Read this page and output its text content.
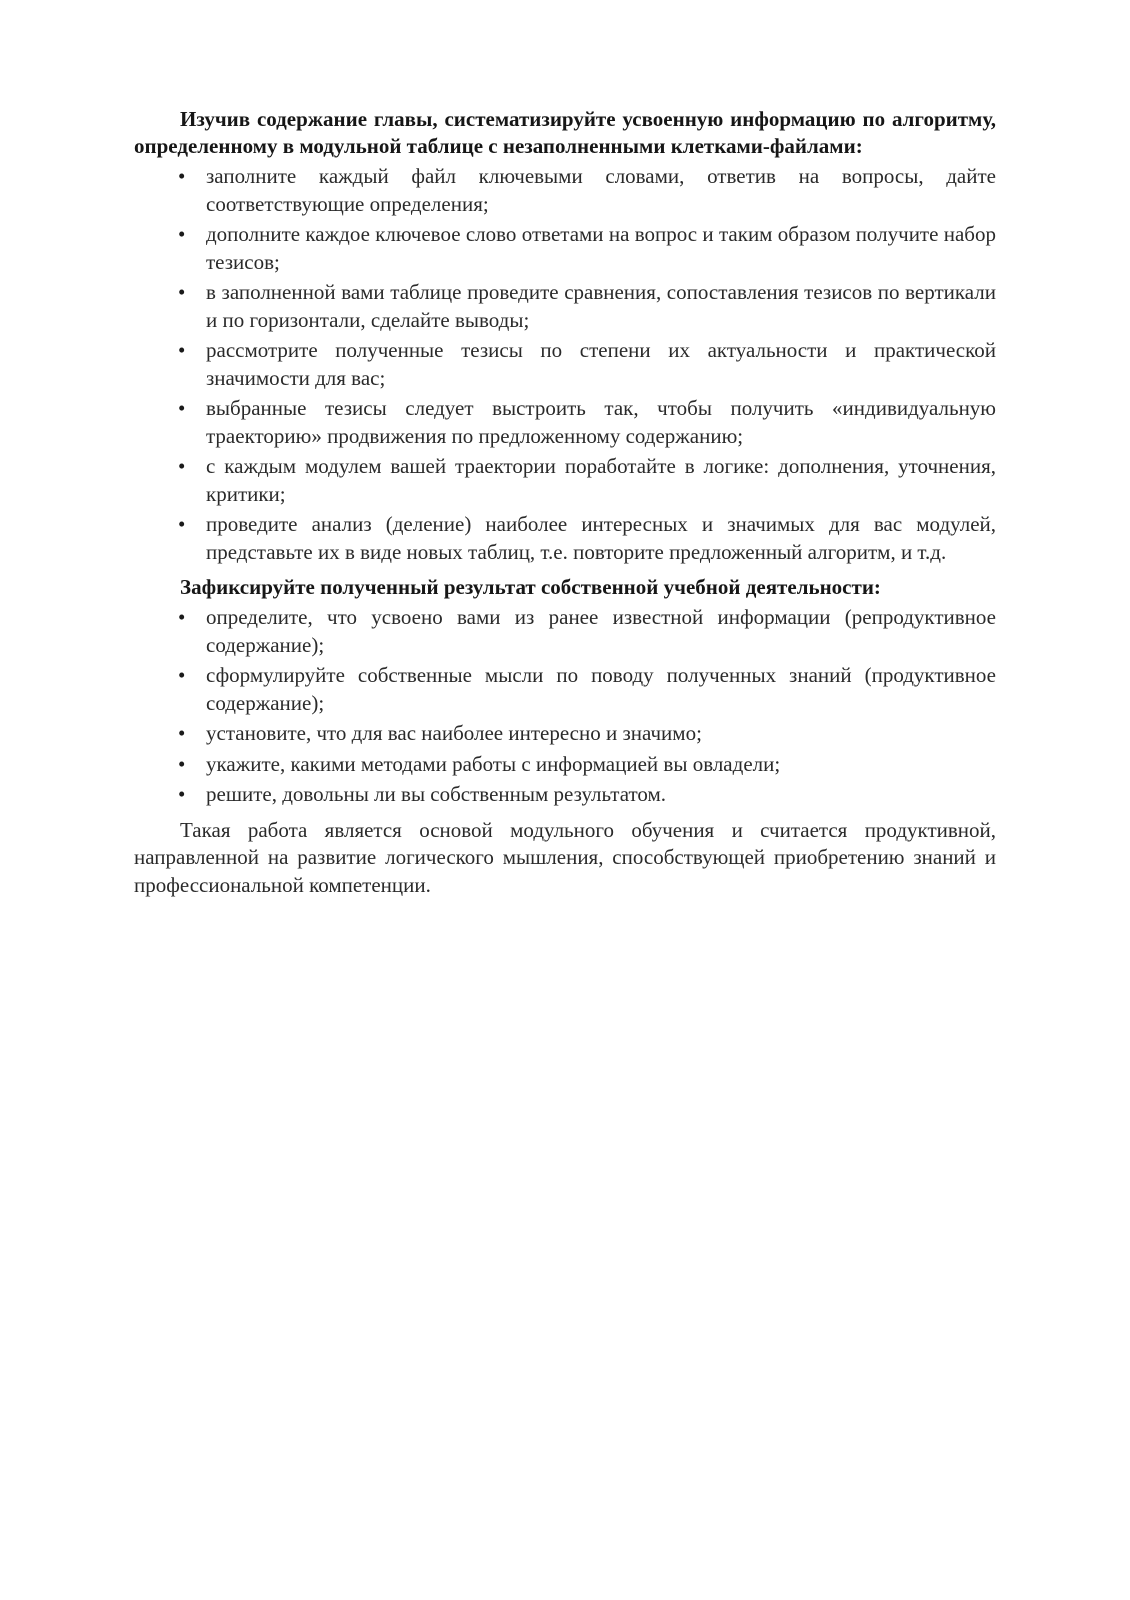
Изучив содержание главы, систематизируйте усвоенную информацию по алгоритму, определенному в модульной таблице с незаполненными клетками-файлами:

• заполните каждый файл ключевыми словами, ответив на вопросы, дайте соответствующие определения;
• дополните каждое ключевое слово ответами на вопрос и таким образом получите набор тезисов;
• в заполненной вами таблице проведите сравнения, сопоставления тезисов по вертикали и по горизонтали, сделайте выводы;
• рассмотрите полученные тезисы по степени их актуальности и практической значимости для вас;
• выбранные тезисы следует выстроить так, чтобы получить «индивидуальную траекторию» продвижения по предложенному содержанию;
• с каждым модулем вашей траектории поработайте в логике: дополнения, уточнения, критики;
• проведите анализ (деление) наиболее интересных и значимых для вас модулей, представьте их в виде новых таблиц, т.е. повторите предложенный алгоритм, и т.д.

Зафиксируйте полученный результат собственной учебной деятельности:

• определите, что усвоено вами из ранее известной информации (репродуктивное содержание);
• сформулируйте собственные мысли по поводу полученных знаний (продуктивное содержание);
• установите, что для вас наиболее интересно и значимо;
• укажите, какими методами работы с информацией вы овладели;
• решите, довольны ли вы собственным результатом.

Такая работа является основой модульного обучения и считается продуктивной, направленной на развитие логического мышления, способствующей приобретению знаний и профессиональной компетенции.
